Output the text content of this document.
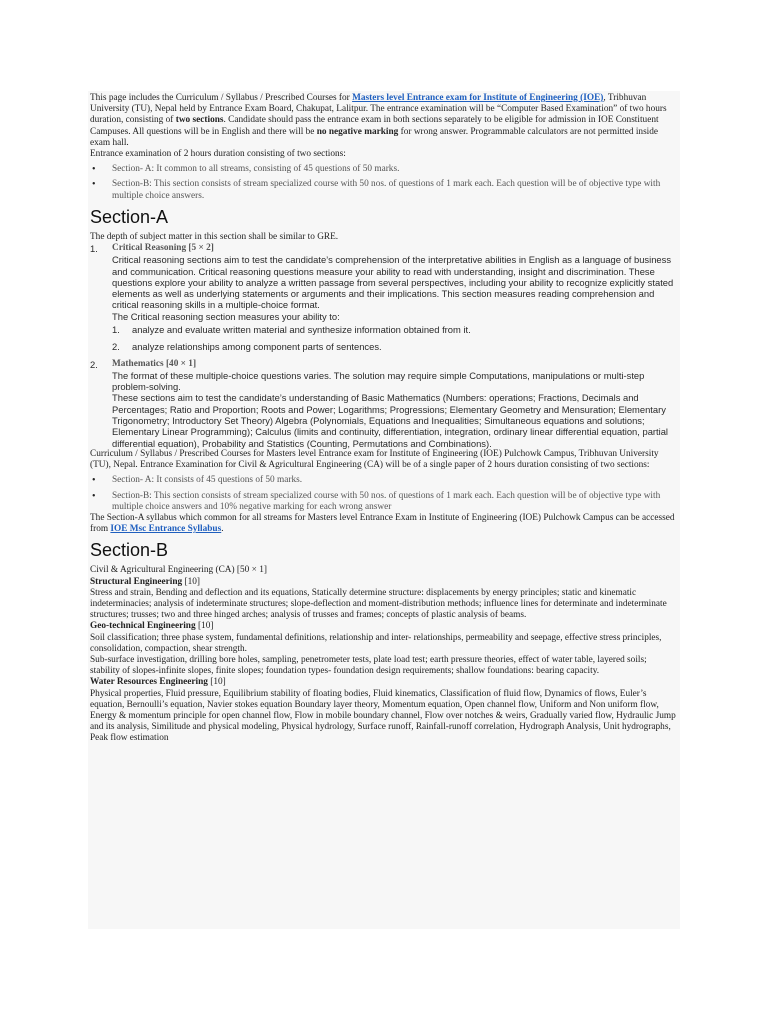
This page includes the Curriculum / Syllabus / Prescribed Courses for Masters level Entrance exam for Institute of Engineering (IOE), Tribhuvan University (TU), Nepal held by Entrance Exam Board, Chakupat, Lalitpur. The entrance examination will be “Computer Based Examination” of two hours duration, consisting of two sections. Candidate should pass the entrance exam in both sections separately to be eligible for admission in IOE Constituent Campuses. All questions will be in English and there will be no negative marking for wrong answer. Programmable calculators are not permitted inside exam hall.

Entrance examination of 2 hours duration consisting of two sections:

• Section- A: It common to all streams, consisting of 45 questions of 50 marks.
• Section-B: This section consists of stream specialized course with 50 nos. of questions of 1 mark each. Each question will be of objective type with multiple choice answers.
Section-A

The depth of subject matter in this section shall be similar to GRE.

1. Critical Reasoning [5 × 2]

Critical reasoning sections aim to test the candidate’s comprehension of the interpretative abilities in English as a language of business and communication. Critical reasoning questions measure your ability to read with understanding, insight and discrimination. These questions explore your ability to analyze a written passage from several perspectives, including your ability to recognize explicitly stated elements as well as underlying statements or arguments and their implications. This section measures reading comprehension and critical reasoning skills in a multiple-choice format.

The Critical reasoning section measures your ability to:

1. analyze and evaluate written material and synthesize information obtained from it.
2. analyze relationships among component parts of sentences.
2. Mathematics [40 × 1]

The format of these multiple-choice questions varies. The solution may require simple Computations, manipulations or multi-step problem-solving.

These sections aim to test the candidate’s understanding of Basic Mathematics (Numbers: operations; Fractions, Decimals and Percentages; Ratio and Proportion; Roots and Power; Logarithms; Progressions; Elementary Geometry and Mensuration; Elementary Trigonometry; Introductory Set Theory) Algebra (Polynomials, Equations and Inequalities; Simultaneous equations and solutions; Elementary Linear Programming); Calculus (limits and continuity, differentiation, integration, ordinary linear differential equation, partial differential equation), Probability and Statistics (Counting, Permutations and Combinations).

Curriculum / Syllabus / Prescribed Courses for Masters level Entrance exam for Institute of Engineering (IOE) Pulchowk Campus, Tribhuvan University (TU), Nepal. Entrance Examination for Civil & Agricultural Engineering (CA) will be of a single paper of 2 hours duration consisting of two sections:

• Section- A: It consists of 45 questions of 50 marks.
• Section-B: This section consists of stream specialized course with 50 nos. of questions of 1 mark each. Each question will be of objective type with multiple choice answers and 10% negative marking for each wrong answer

The Section-A syllabus which common for all streams for Masters level Entrance Exam in Institute of Engineering (IOE) Pulchowk Campus can be accessed from IOE Msc Entrance Syllabus.

Section-B

Civil & Agricultural Engineering (CA) [50 × 1]

Structural Engineering [10]

Stress and strain, Bending and deflection and its equations, Statically determine structure: displacements by energy principles; static and kinematic indeterminacies; analysis of indeterminate structures; slope-deflection and moment-distribution methods; influence lines for determinate and indeterminate structures; trusses; two and three hinged arches; analysis of trusses and frames; concepts of plastic analysis of beams.

Geo-technical Engineering [10]

Soil classification; three phase system, fundamental definitions, relationship and inter- relationships, permeability and seepage, effective stress principles, consolidation, compaction, shear strength.

Sub-surface investigation, drilling bore holes, sampling, penetrometer tests, plate load test; earth pressure theories, effect of water table, layered soils; stability of slopes-infinite slopes, finite slopes; foundation types- foundation design requirements; shallow foundations: bearing capacity.

Water Resources Engineering [10]

Physical properties, Fluid pressure, Equilibrium stability of floating bodies, Fluid kinematics, Classification of fluid flow, Dynamics of flows, Euler’s equation, Bernoulli’s equation, Navier stokes equation Boundary layer theory, Momentum equation, Open channel flow, Uniform and Non uniform flow, Energy & momentum principle for open channel flow, Flow in mobile boundary channel, Flow over notches & weirs, Gradually varied flow, Hydraulic Jump and its analysis, Similitude and physical modeling, Physical hydrology, Surface runoff, Rainfall-runoff correlation, Hydrograph Analysis, Unit hydrographs, Peak flow estimation
